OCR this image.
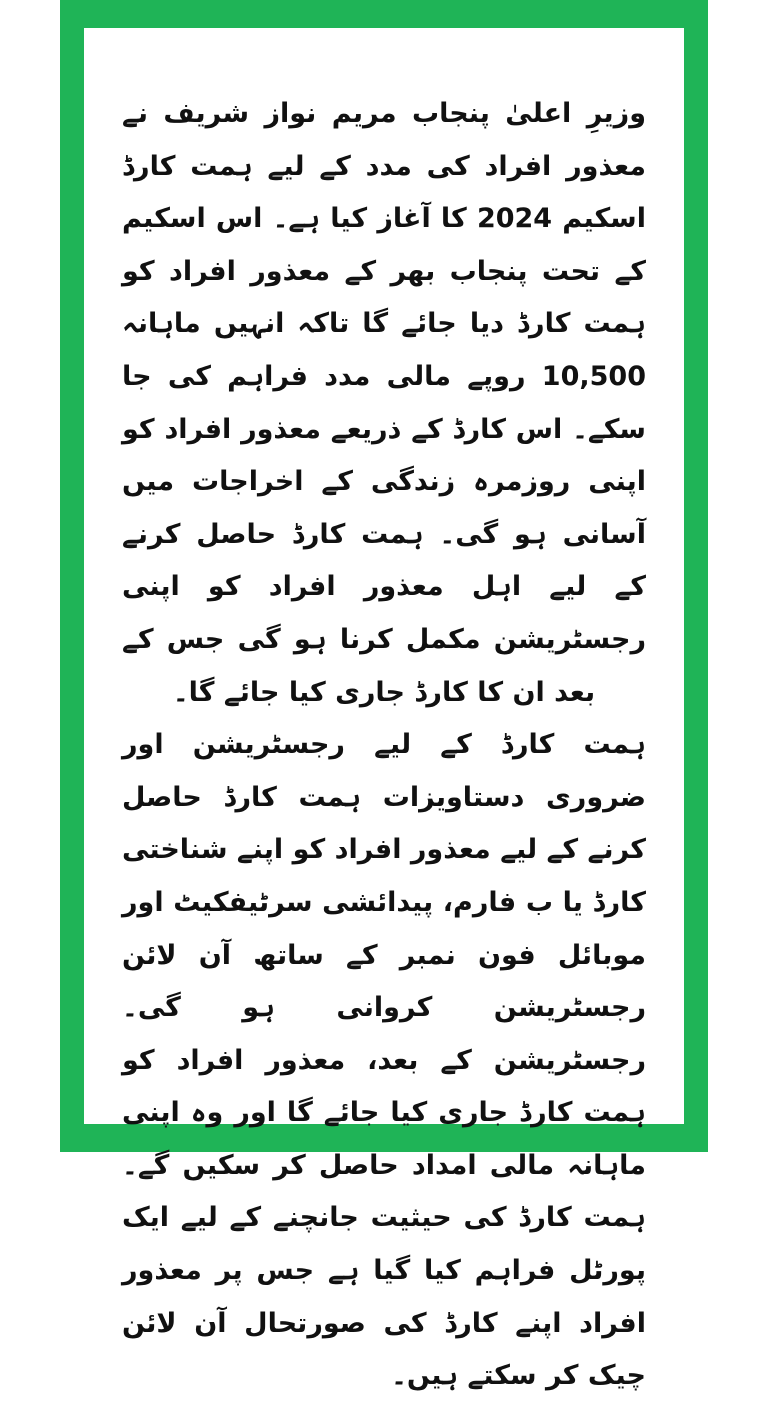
وزیرِ اعلیٰ پنجاب مریم نواز شریف نے معذور افراد کی مدد کے لیے ہمت کارڈ اسکیم 2024 کا آغاز کیا ہے۔ اس اسکیم کے تحت پنجاب بھر کے معذور افراد کو ہمت کارڈ دیا جائے گا تاکہ انہیں ماہانہ 10,500 روپے مالی مدد فراہم کی جا سکے۔ اس کارڈ کے ذریعے معذور افراد کو اپنی روزمرہ زندگی کے اخراجات میں آسانی ہو گی۔ ہمت کارڈ حاصل کرنے کے لیے اہل معذور افراد کو اپنی رجسٹریشن مکمل کرنا ہو گی جس کے بعد ان کا کارڈ جاری کیا جائے گا۔

ہمت کارڈ کے لیے رجسٹریشن اور ضروری دستاویزات ہمت کارڈ حاصل کرنے کے لیے معذور افراد کو اپنے شناختی کارڈ یا ب فارم، پیدائشی سرٹیفکیٹ اور موبائل فون نمبر کے ساتھ آن لائن رجسٹریشن کروانی ہو گی۔ رجسٹریشن کے بعد، معذور افراد کو ہمت کارڈ جاری کیا جائے گا اور وہ اپنی ماہانہ مالی امداد حاصل کر سکیں گے۔ ہمت کارڈ کی حیثیت جانچنے کے لیے ایک پورٹل فراہم کیا گیا ہے جس پر معذور افراد اپنے کارڈ کی صورتحال آن لائن چیک کر سکتے ہیں۔
